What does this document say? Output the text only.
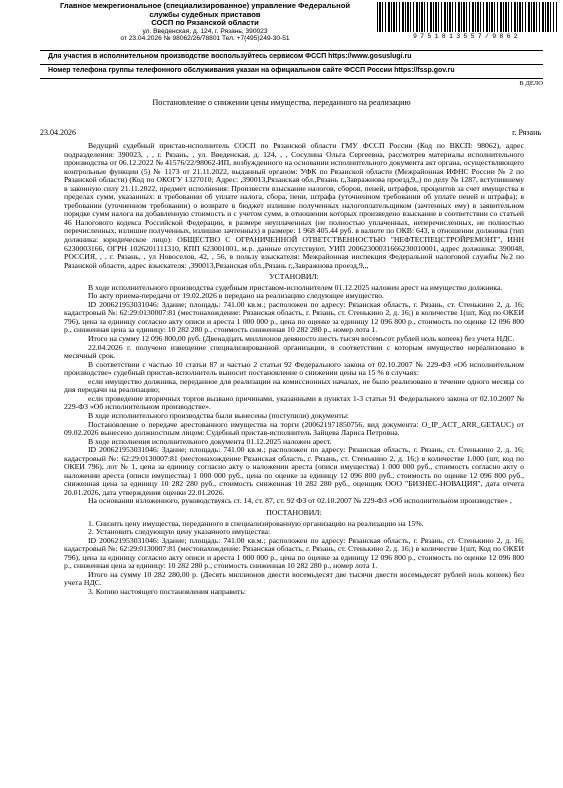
Главное межрегиональное (специализированное) управление Федеральной
службы судебных приставов
СОСП по Рязанской области
ул. Введенская, д. 124, г. Рязань, 390023
от 23.04.2026 № 98062/26/78801 Тел. +7(495)249-30-51	9751813557/9862
Для участия в исполнительном производстве воспользуйтесь сервисом ФССП https://www.gosuslugi.ru
Номер телефона группы телефонного обслуживания указан на официальном сайте ФССП России https://fssp.gov.ru
В ДЕЛО
Постановление о снижении цены имущества, переданного на реализацию
23.04.2026	г. Рязань

Ведущий судебный пристав-исполнитель СОСП по Рязанской области ГМУ ФССП России (Код по ВКСП: 98062), адрес подразделения: 390023, , , г. Рязань, , ул. Введенская, д. 124, , , Сосулина Ольга Сергеевна, рассмотрев материалы исполнительного производства от 06.12.2022 № 41576/22/98062-ИП, возбужденного на основании исполнительного документа акт органа, осуществляющего контрольные функции (5) № 1173 от 21.11.2022, выданный органом: УФК по Рязанской области (Межрайонная ИФНС России № 2 по Рязанской области) (Код по ОКОГУ 1327010; Адрес: ,390013,Рязанская обл.,Рязань г,,Завражнова проезд,9,,) по делу № 1287, вступившему в законную силу 21.11.2022, предмет исполнения: Произвести взыскание налогов, сборов, пеней, штрафов, процентов за счет имущества в пределах сумм, указанных: в требовании об уплате налога, сбора, пени, штрафа (уточненном требовании об уплате пеней и штрафа); в требовании (уточненном требовании) о возврате в бюджет излишне полученных налогоплательщиком (зачтенных ему) в заявительном порядке сумм налога на добавленную стоимость и с учетом сумм, в отношении которых произведено взыскание в соответствии со статьей 46 Налогового кодекса Российской Федерации, в размере неуплаченных (не полностью уплаченных, неперечисленных, не полностью перечисленных, излишне полученных, излишне зачтенных) в размере: 1 968 405.44 руб. в валюте по ОКВ: 643, в отношении должника (тип должника: юридическое лицо): ОБЩЕСТВО С ОГРАНИЧЕННОЙ ОТВЕТСТВЕННОСТЬЮ "НЕФТЕСПЕЦСТРОЙРЕМОНТ", ИНН 6230003166, ОГРН 1026201111310, КПП 623001001, м.р. данные отсутствуют, УИП 20062300031666230010001, адрес должника: 390048, РОССИЯ, , , г. Рязань, , ул Новоселов, 42, , 56, в пользу взыскателя: Межрайонная инспекция Федеральной налоговой службы №2 по Рязанской области, адрес взыскателя: ,390013,Рязанская обл.,Рязань г,,Завражнова проезд,9,,,

УСТАНОВИЛ:

В ходе исполнительного производства судебным приставом-исполнителем 01.12.2025 наложен арест на имущество должника.

По акту приема-передачи от 19.02.2026 в передано на реализацию следующее имущество.

ID 200621953031046: Здание; площадь: 741.00 кв.м.; расположен по адресу: Рязанская область, г. Рязань, ст. Стенькино 2, д. 16; кадастровый №: 62:29:0130007:81 (местонахождение: Рязанская область, г. Рязань, ст. Стенькино 2, д. 16;) в количестве 1(шт, Код по ОКЕИ 796), цена за единицу согласно акту описи и ареста 1 000 000 р., цена по оценке за единицу 12 096 800 р., стоимость по оценке 12 096 800 р., сниженная цена за единицу: 10 282 280 р., стоимость сниженная 10 282 280 р., номер лота 1.

Итого на сумму 12 096 800,00 руб. (Двенадцать миллионов девяносто шесть тысяч восемьсот рублей ноль копеек) без учета НДС.

22.04.2026 г. получено извещение специализированной организации, в соответствии с которым имущество нереализовано в месячный срок.

В соответствии с частью 10 статьи 87 и частью 2 статьи 92 Федерального закона от 02.10.2007 № 229-ФЗ «Об исполнительном производстве» судебный пристав-исполнитель выносит постановление о снижении цены на 15 % в случаях:

если имущество должника, переданное для реализации на комиссионных началах, не было реализовано в течение одного месяца со дня передачи на реализацию;

если проведение вторичных торгов вызвано причинами, указанными в пунктах 1-3 статьи 91 Федерального закона от 02.10.2007 № 229-ФЗ «Об исполнительном производстве».

В ходе исполнительного производства были вынесены (поступили) документы:

Постановление о передаче арестованного имущества на торги (200621971850756, вид документа: O_IP_ACT_ARR_GETAUC) от 09.02.2026 вынесено должностным лицом: Судебный пристав-исполнитель Зайцева Лариса Петровна.

В ходе исполнения исполнительного документа 01.12.2025 наложен арест.

ID 200621953031046: Здание; площадь: 741.00 кв.м.; расположен по адресу: Рязанская область, г. Рязань, ст. Стенькино 2, д. 16; кадастровый №: 62:29:0130007:81 (местонахождение Рязанская область, г. Рязань, ст. Стенькино 2, д. 16;) в количестве 1.000 (шт, код по ОКЕИ 796), лот № 1, цена за единицу согласно акту о наложении ареста (описи имущества) 1 000 000 руб., стоимость согласно акту о наложении ареста (описи имущества) 1 000 000 руб., цена по оценке за единицу 12 096 800 руб., стоимость по оценке 12 096 800 руб., сниженная цена за единицу 10 282 280 руб., стоимость сниженная 10 282 280 руб., оценщик ООО "БИЗНЕС-НОВАЦИЯ", дата отчета 20.01.2026, дата утверждения оценки 22.01.2026.

На основании изложенного, руководствуясь ст. 14, ст. 87, ст. 92 ФЗ от 02.10.2007 № 229-ФЗ «Об исполнительном производстве» ,

ПОСТАНОВИЛ:

1. Снизить цену имущества, переданного в специализированную организацию на реализацию на 15%.

2. Установить следующую цену указанного имущества:

ID 200621953031046: Здание; площадь: 741.00 кв.м.; расположен по адресу: Рязанская область, г. Рязань, ст. Стенькино 2, д. 16; кадастровый №: 62:29:0130007:81 (местонахождение: Рязанская область, г. Рязань, ст. Стенькино 2, д. 16;) в количестве 1(шт, Код по ОКЕИ 796), цена за единицу согласно акту описи и ареста 1 000 000 р., цена по оценке за единицу 12 096 800 р., стоимость по оценке 12 096 800 р., сниженная цена за единицу: 10 282 280 р., стоимость сниженная 10 282 280 р., номер лота 1.

Итого на сумму 10 282 280,00 р. (Десять миллионов двести восемьдесят две тысячи двести восемьдесят рублей ноль копеек) без учета НДС.

3. Копию настоящего постановления направить:
